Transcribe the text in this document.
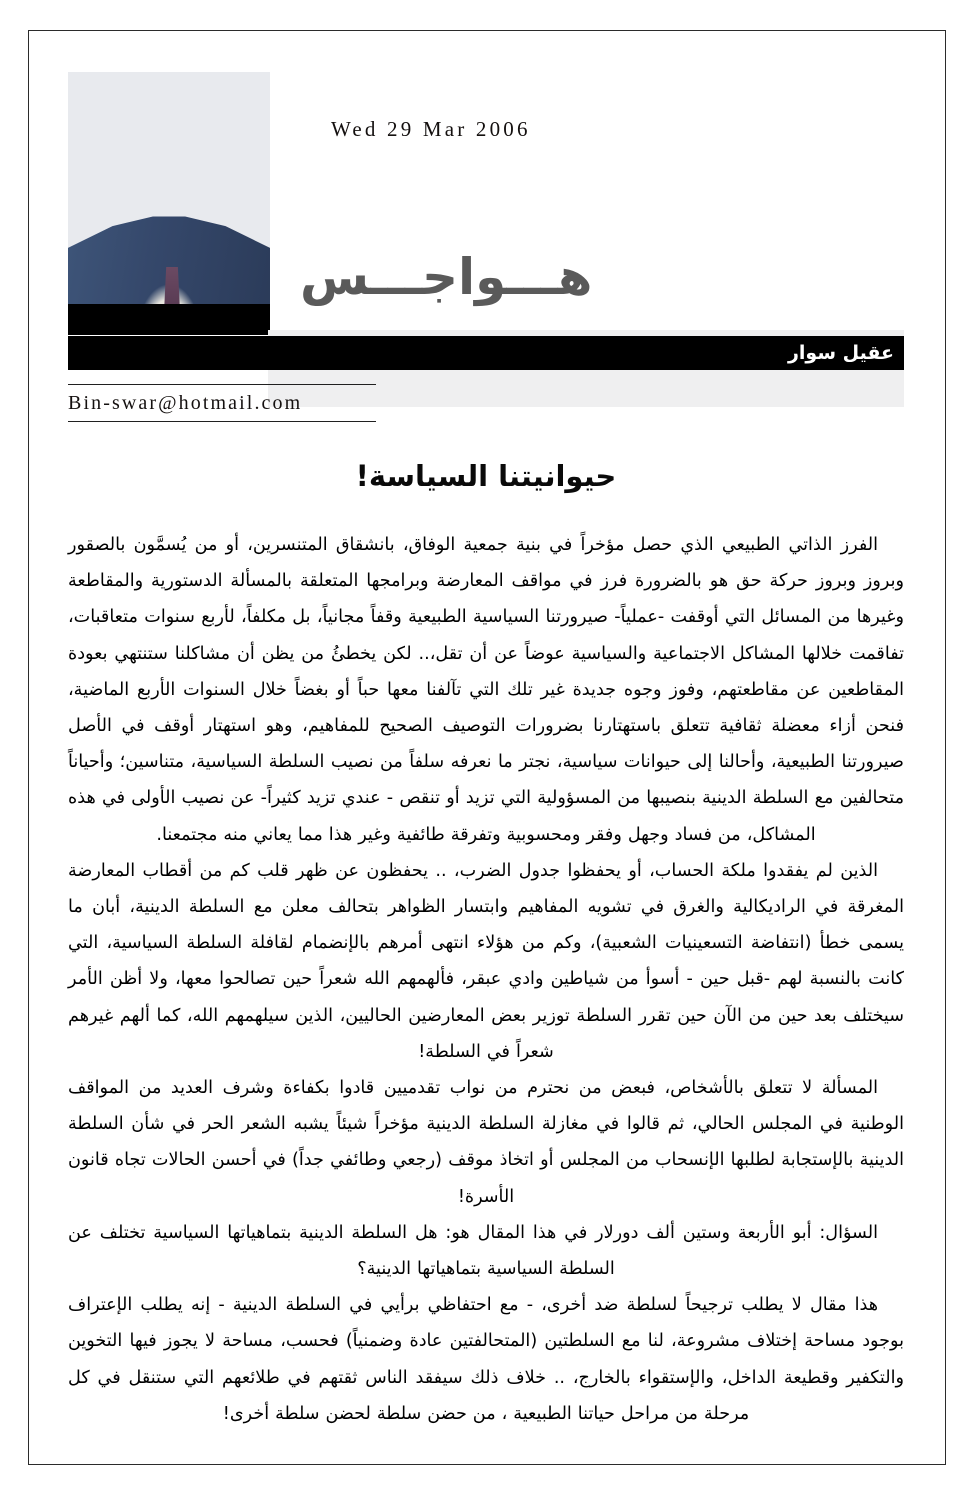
Wed 29 Mar 2006
هـــواجـــس
عقيل سوار
Bin-swar@hotmail.com
حيوانيتنا السياسة!

الفرز الذاتي الطبيعي الذي حصل مؤخراً في بنية جمعية الوفاق، بانشقاق المتنسرين، أو من يُسمَّون بالصقور وبروز وبروز حركة حق هو بالضرورة فرز في مواقف المعارضة وبرامجها المتعلقة بالمسألة الدستورية والمقاطعة وغيرها من المسائل التي أوقفت -عملياً- صيرورتنا السياسية الطبيعية وقفاً مجانياً، بل مكلفاً، لأربع سنوات متعاقبات، تفاقمت خلالها المشاكل الاجتماعية والسياسية عوضاً عن أن تقل،.. لكن يخطئُ من يظن أن مشاكلنا ستنتهي بعودة المقاطعين عن مقاطعتهم، وفوز وجوه جديدة غير تلك التي تآلفنا معها حباً أو بغضاً خلال السنوات الأربع الماضية، فنحن أزاء معضلة ثقافية تتعلق باستهتارنا بضرورات التوصيف الصحيح للمفاهيم، وهو استهتار أوقف في الأصل صيرورتنا الطبيعية، وأحالنا إلى حيوانات سياسية، نجتر ما نعرفه سلفاً من نصيب السلطة السياسية، متناسين؛ وأحياناً متحالفين مع السلطة الدينية بنصيبها من المسؤولية التي تزيد أو تنقص - عندي تزيد كثيراً- عن نصيب الأولى في هذه المشاكل، من فساد وجهل وفقر ومحسوبية وتفرقة طائفية وغير هذا مما يعاني منه مجتمعنا.

الذين لم يفقدوا ملكة الحساب، أو يحفظوا جدول الضرب، .. يحفظون عن ظهر قلب كم من أقطاب المعارضة المغرقة في الراديكالية والغرق في تشويه المفاهيم وابتسار الظواهر بتحالف معلن مع السلطة الدينية، أبان ما يسمى خطأ (انتفاضة التسعينيات الشعبية)، وكم من هؤلاء انتهى أمرهم بالإنضمام لقافلة السلطة السياسية، التي كانت بالنسبة لهم -قبل حين - أسوأ من شياطين وادي عبقر، فألهمهم الله شعراً حين تصالحوا معها، ولا أظن الأمر سيختلف بعد حين من الآن حين تقرر السلطة توزير بعض المعارضين الحاليين، الذين سيلهمهم الله، كما ألهم غيرهم شعراً في السلطة!

المسألة لا تتعلق بالأشخاص، فبعض من نحترم من نواب تقدميين قادوا بكفاءة وشرف العديد من المواقف الوطنية في المجلس الحالي، ثم قالوا في مغازلة السلطة الدينية مؤخراً شيئاً يشبه الشعر الحر في شأن السلطة الدينية بالإستجابة لطلبها الإنسحاب من المجلس أو اتخاذ موقف (رجعي وطائفي جداً) في أحسن الحالات تجاه قانون الأسرة!

السؤال: أبو الأربعة وستين ألف دورلار في هذا المقال هو: هل السلطة الدينية بتماهياتها السياسية تختلف عن السلطة السياسية بتماهياتها الدينية؟

هذا مقال لا يطلب ترجيحاً لسلطة ضد أخرى، - مع احتفاظي برأيي في السلطة الدينية - إنه يطلب الإعتراف بوجود مساحة إختلاف مشروعة، لنا مع السلطتين (المتحالفتين عادة وضمنياً) فحسب، مساحة لا يجوز فيها التخوين والتكفير وقطيعة الداخل، والإستقواء بالخارج، .. خلاف ذلك سيفقد الناس ثقتهم في طلائعهم التي ستنقل في كل مرحلة من مراحل حياتنا الطبيعية ، من حضن سلطة لحضن سلطة أخرى!
